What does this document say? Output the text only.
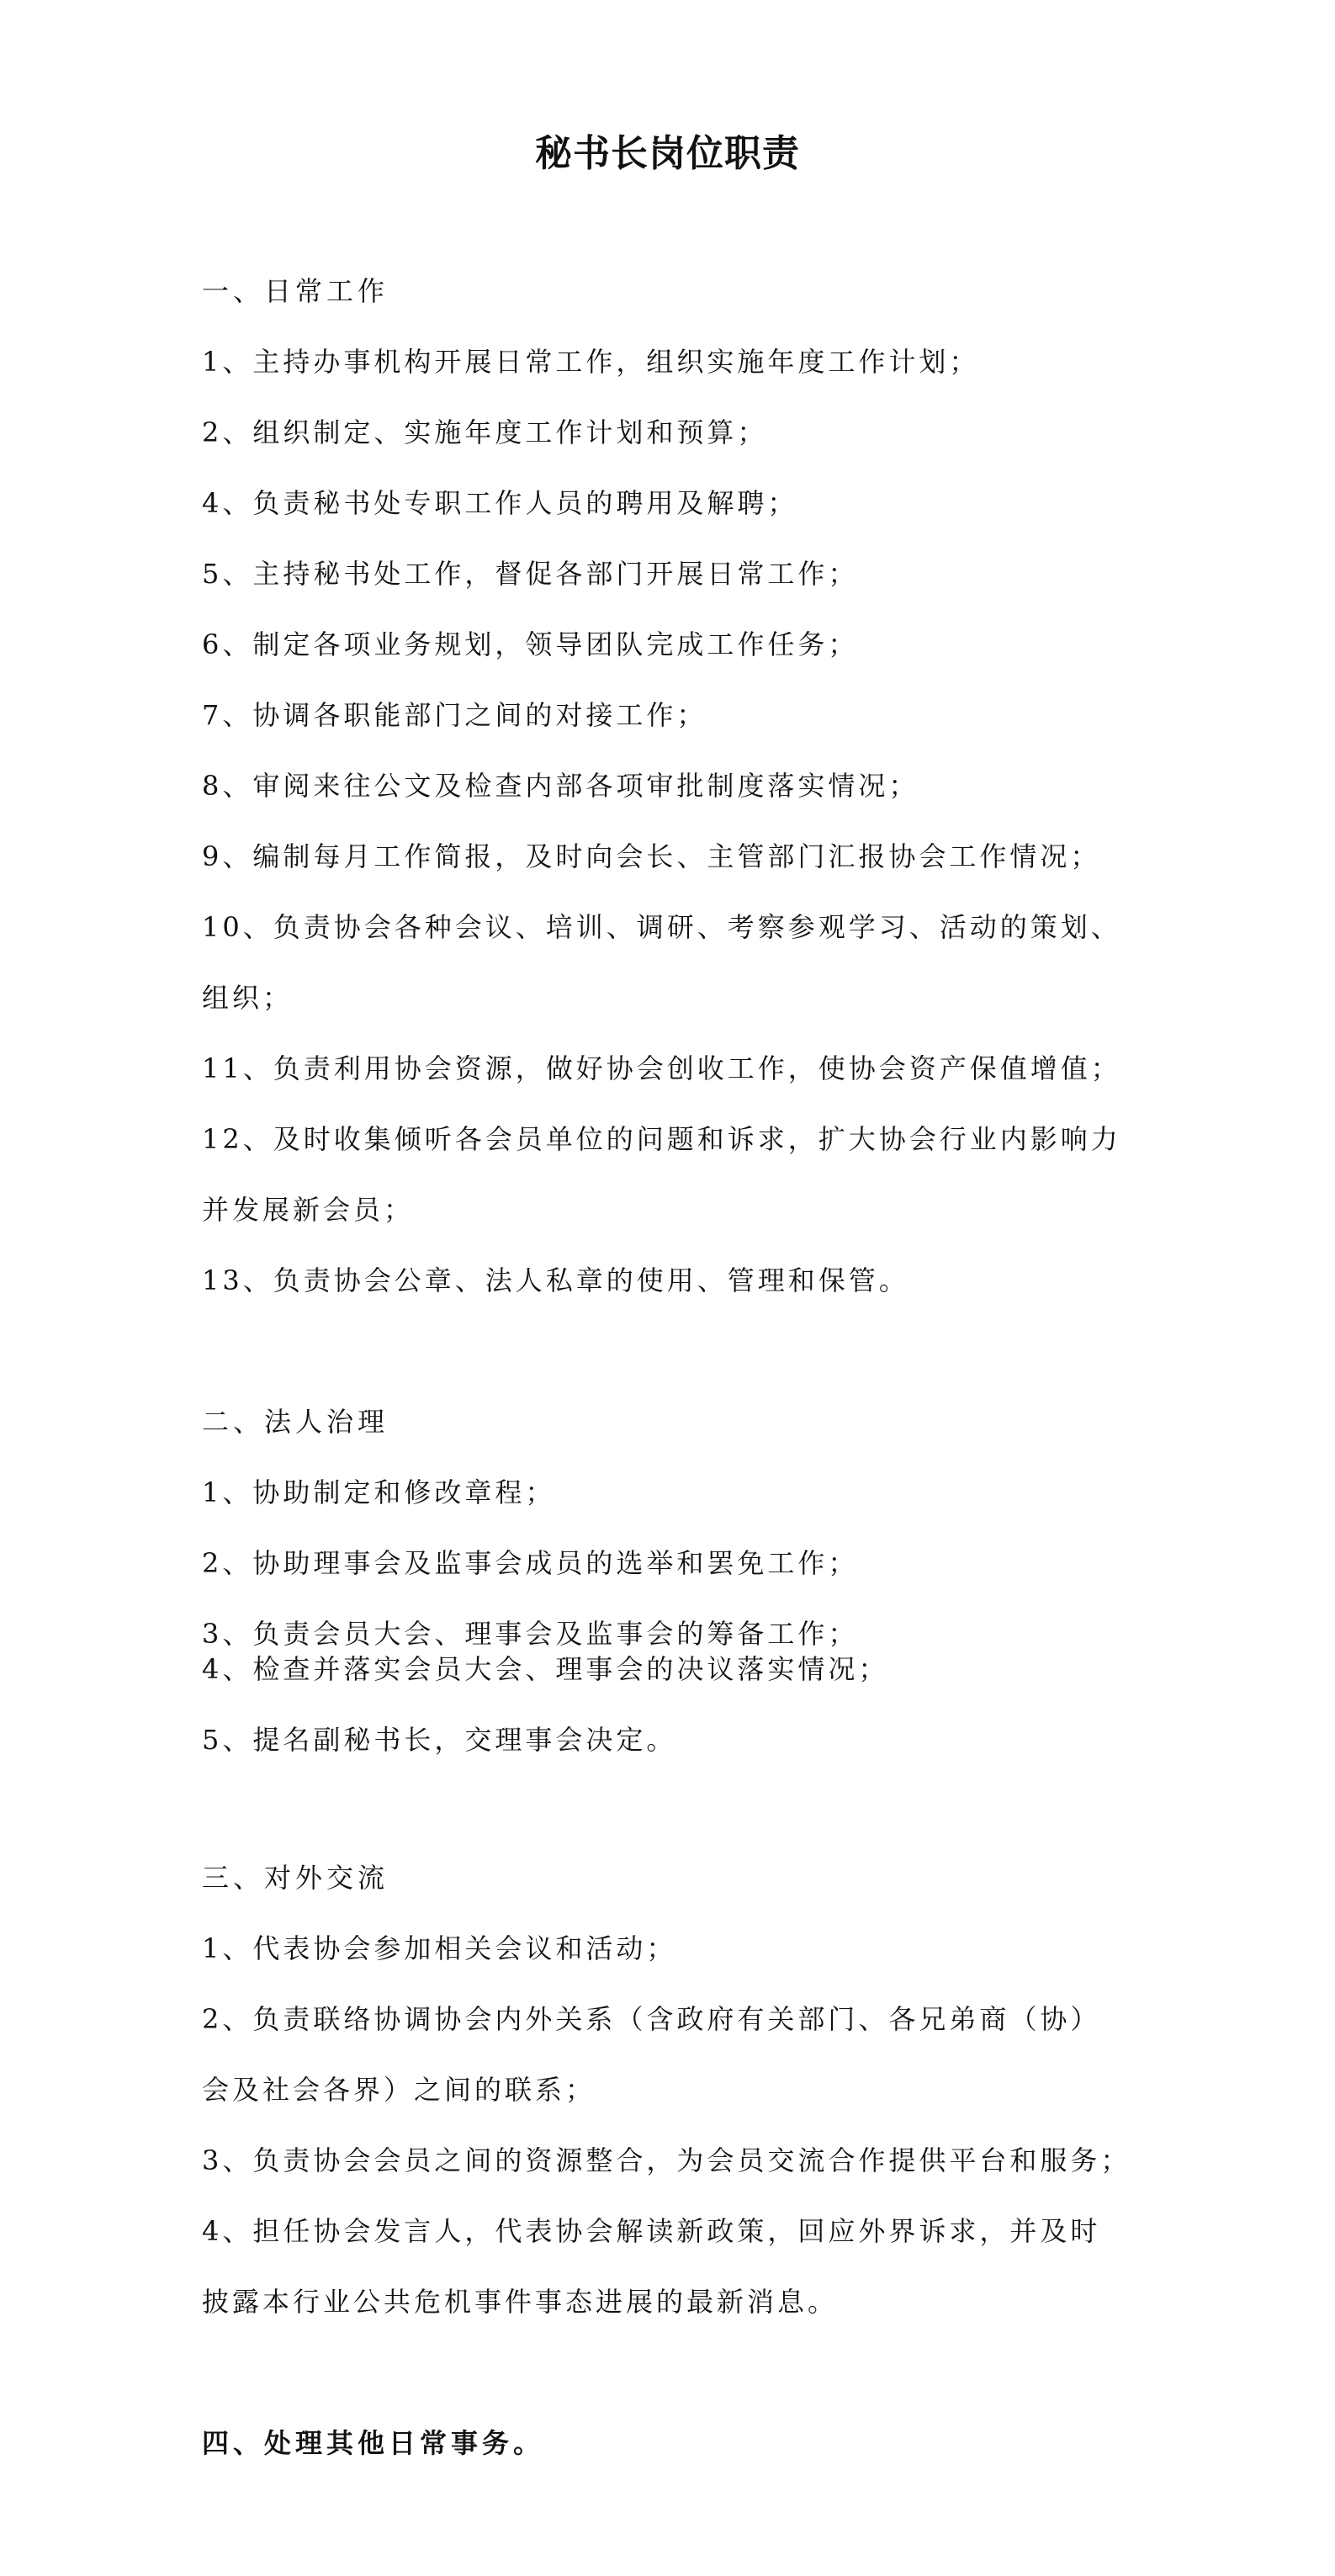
秘书长岗位职责
一、日常工作
1、主持办事机构开展日常工作，组织实施年度工作计划；
2、组织制定、实施年度工作计划和预算；
4、负责秘书处专职工作人员的聘用及解聘；
5、主持秘书处工作，督促各部门开展日常工作；
6、制定各项业务规划，领导团队完成工作任务；
7、协调各职能部门之间的对接工作；
8、审阅来往公文及检查内部各项审批制度落实情况；
9、编制每月工作简报，及时向会长、主管部门汇报协会工作情况；
10、负责协会各种会议、培训、调研、考察参观学习、活动的策划、
组织；
11、负责利用协会资源，做好协会创收工作，使协会资产保值增值；
12、及时收集倾听各会员单位的问题和诉求，扩大协会行业内影响力
并发展新会员；
13、负责协会公章、法人私章的使用、管理和保管。
二、法人治理
1、协助制定和修改章程；
2、协助理事会及监事会成员的选举和罢免工作；
3、负责会员大会、理事会及监事会的筹备工作；
4、检查并落实会员大会、理事会的决议落实情况；
5、提名副秘书长，交理事会决定。
三、对外交流
1、代表协会参加相关会议和活动；
2、负责联络协调协会内外关系（含政府有关部门、各兄弟商（协）
会及社会各界）之间的联系；
3、负责协会会员之间的资源整合，为会员交流合作提供平台和服务；
4、担任协会发言人，代表协会解读新政策，回应外界诉求，并及时
披露本行业公共危机事件事态进展的最新消息。
四、处理其他日常事务。
